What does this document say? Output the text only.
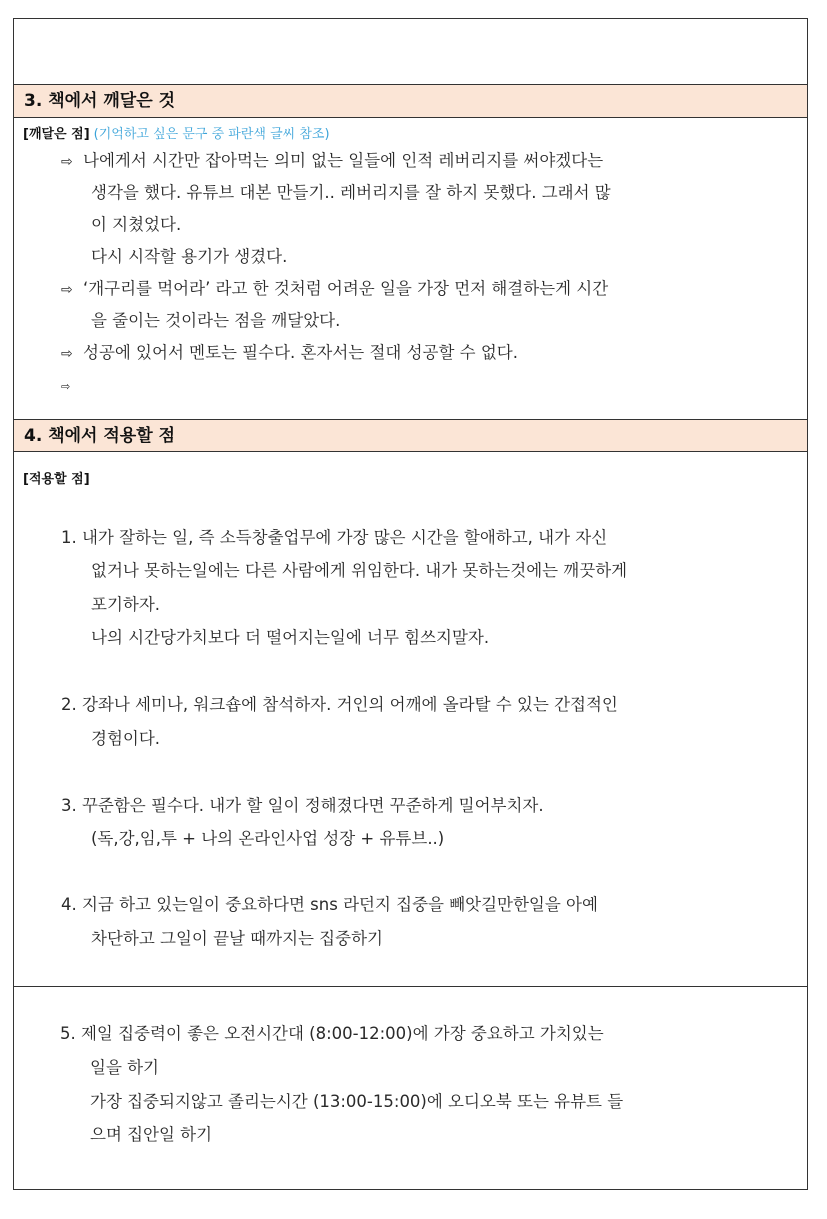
3. 책에서 깨달은 것
[깨달은 점] (기억하고 싶은 문구 중 파란색 글씨 참조)
⇨ 나에게서 시간만 잡아먹는 의미 없는 일들에 인적 레버리지를 써야겠다는
생각을 했다. 유튜브 대본 만들기.. 레버리지를 잘 하지 못했다. 그래서 많
이 지쳤었다.
다시 시작할 용기가 생겼다.
⇨ ‘개구리를 먹어라’ 라고 한 것처럼 어려운 일을 가장 먼저 해결하는게 시간
을 줄이는 것이라는 점을 깨달았다.
⇨ 성공에 있어서 멘토는 필수다. 혼자서는 절대 성공할 수 없다.
⇨
4. 책에서 적용할 점
[적용할 점]
1. 내가 잘하는 일, 즉 소득창출업무에 가장 많은 시간을 할애하고, 내가 자신
없거나 못하는일에는 다른 사람에게 위임한다. 내가 못하는것에는 깨끗하게
포기하자.
나의 시간당가치보다 더 떨어지는일에 너무 힘쓰지말자.
2. 강좌나 세미나, 워크숍에 참석하자. 거인의 어깨에 올라탈 수 있는 간접적인
경험이다.
3. 꾸준함은 필수다. 내가 할 일이 정해졌다면 꾸준하게 밀어부치자.
(독,강,임,투 + 나의 온라인사업 성장 + 유튜브..)
4. 지금 하고 있는일이 중요하다면 sns 라던지 집중을 빼앗길만한일을 아예
차단하고 그일이 끝날 때까지는 집중하기
5. 제일 집중력이 좋은 오전시간대 (8:00-12:00)에 가장 중요하고 가치있는
일을 하기
가장 집중되지않고 졸리는시간 (13:00-15:00)에 오디오북 또는 유뷰트 들
으며 집안일 하기
